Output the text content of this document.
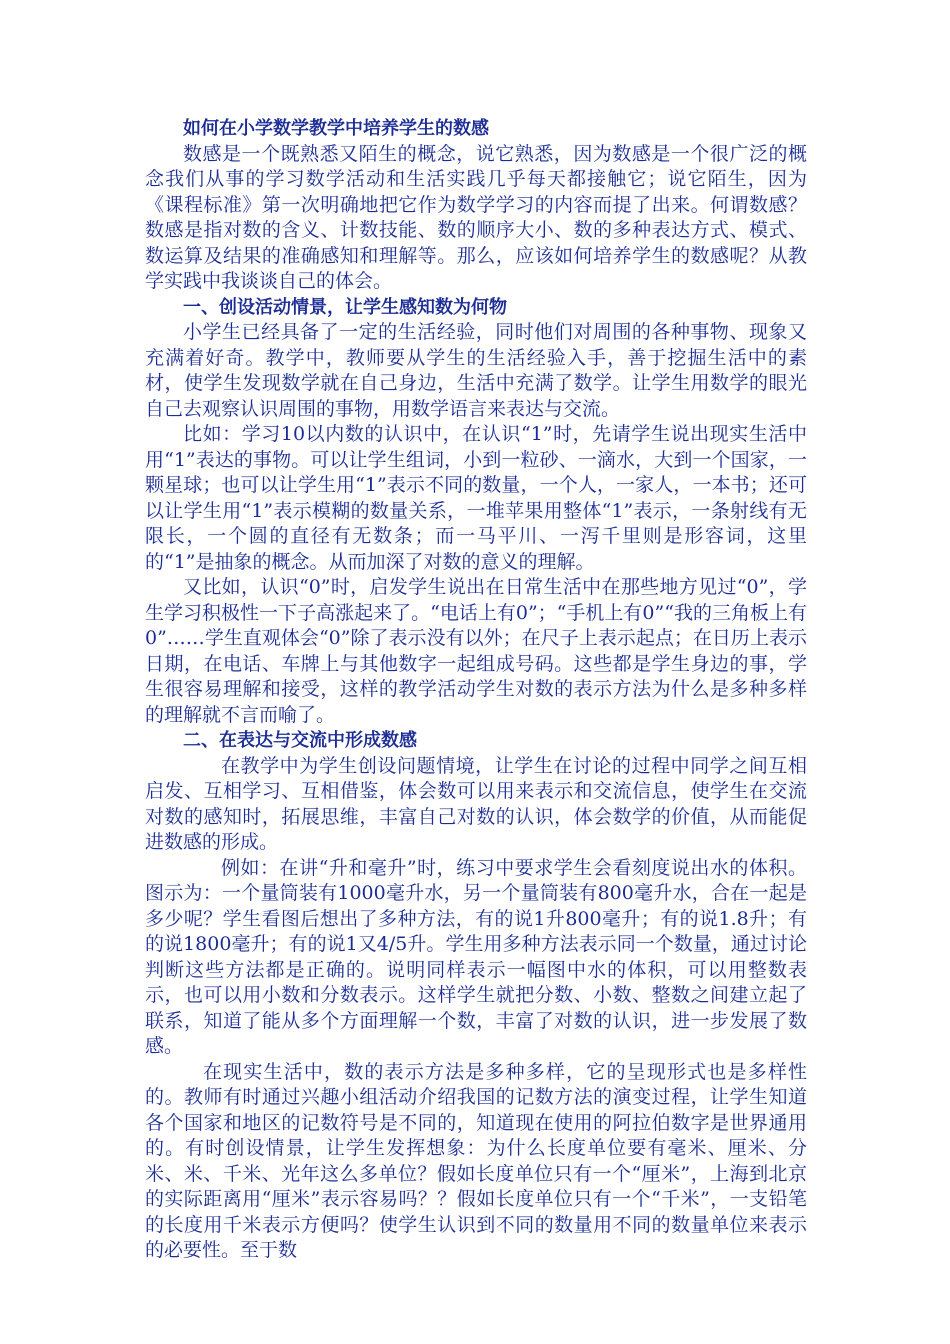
如何在小学数学教学中培养学生的数感

数感是一个既熟悉又陌生的概念，说它熟悉，因为数感是一个很广泛的概念我们从事的学习数学活动和生活实践几乎每天都接触它；说它陌生，因为《课程标准》第一次明确地把它作为数学学习的内容而提了出来。何谓数感？数感是指对数的含义、计数技能、数的顺序大小、数的多种表达方式、模式、数运算及结果的准确感知和理解等。那么，应该如何培养学生的数感呢？从教学实践中我谈谈自己的体会。

一、创设活动情景，让学生感知数为何物

小学生已经具备了一定的生活经验，同时他们对周围的各种事物、现象又充满着好奇。教学中，教师要从学生的生活经验入手，善于挖掘生活中的素材，使学生发现数学就在自己身边，生活中充满了数学。让学生用数学的眼光自己去观察认识周围的事物，用数学语言来表达与交流。

比如：学习10以内数的认识中，在认识“1”时，先请学生说出现实生活中用“1”表达的事物。可以让学生组词，小到一粒砂、一滴水，大到一个国家，一颗星球；也可以让学生用“1”表示不同的数量，一个人，一家人，一本书；还可以让学生用“1”表示模糊的数量关系，一堆苹果用整体“1”表示，一条射线有无限长，一个圆的直径有无数条；而一马平川、一泻千里则是形容词，这里的“1”是抽象的概念。从而加深了对数的意义的理解。

又比如，认识“0”时，启发学生说出在日常生活中在那些地方见过“0”，学生学习积极性一下子高涨起来了。“电话上有0”；“手机上有0”“我的三角板上有0”……学生直观体会“0”除了表示没有以外；在尺子上表示起点；在日历上表示日期，在电话、车牌上与其他数字一起组成号码。这些都是学生身边的事，学生很容易理解和接受，这样的教学活动学生对数的表示方法为什么是多种多样的理解就不言而喻了。

二、在表达与交流中形成数感

在教学中为学生创设问题情境，让学生在讨论的过程中同学之间互相启发、互相学习、互相借鉴，体会数可以用来表示和交流信息，使学生在交流对数的感知时，拓展思维，丰富自己对数的认识，体会数学的价值，从而能促进数感的形成。

例如：在讲“升和毫升”时，练习中要求学生会看刻度说出水的体积。图示为：一个量筒装有1000毫升水，另一个量筒装有800毫升水，合在一起是多少呢？学生看图后想出了多种方法，有的说1升800毫升；有的说1.8升；有的说1800毫升；有的说1又4/5升。学生用多种方法表示同一个数量，通过讨论判断这些方法都是正确的。说明同样表示一幅图中水的体积，可以用整数表示，也可以用小数和分数表示。这样学生就把分数、小数、整数之间建立起了联系，知道了能从多个方面理解一个数，丰富了对数的认识，进一步发展了数感。

在现实生活中，数的表示方法是多种多样，它的呈现形式也是多样性的。教师有时通过兴趣小组活动介绍我国的记数方法的演变过程，让学生知道各个国家和地区的记数符号是不同的，知道现在使用的阿拉伯数字是世界通用的。有时创设情景，让学生发挥想象：为什么长度单位要有毫米、厘米、分米、米、千米、光年这么多单位？假如长度单位只有一个“厘米”，上海到北京的实际距离用“厘米”表示容易吗？？假如长度单位只有一个“千米”，一支铅笔的长度用千米表示方便吗？使学生认识到不同的数量用不同的数量单位来表示的必要性。至于数
